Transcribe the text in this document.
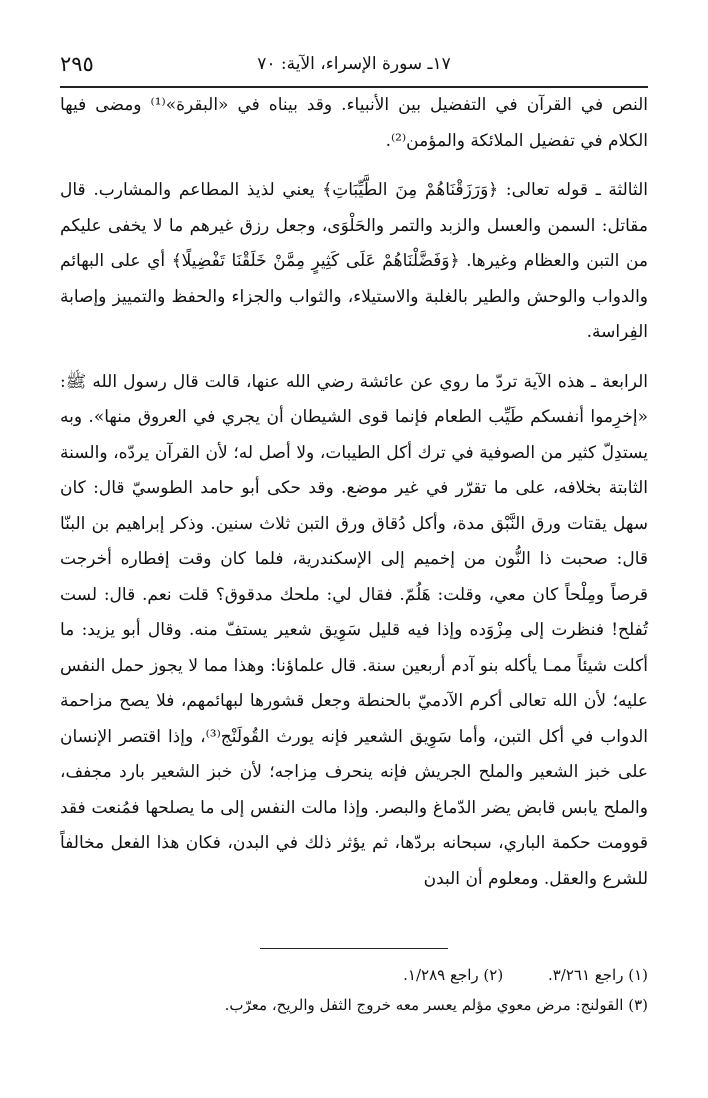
١٧ـ سورة الإسراء، الآية: ٧٠
٢٩٥

النص في القرآن في التفضيل بين الأنبياء. وقد بيناه في «البقرة»⁽¹⁾ ومضى فيها الكلام في تفضيل الملائكة والمؤمن⁽²⁾.

الثالثة ـ قوله تعالى: ﴿وَرَزَقْنَاهُمْ مِنَ الطَّيِّبَاتِ﴾ يعني لذيذ المطاعم والمشارب. قال مقاتل: السمن والعسل والزبد والتمر والحَلْوَى، وجعل رزق غيرهم ما لا يخفى عليكم من التبن والعظام وغيرها. ﴿وَفَضَّلْنَاهُمْ عَلَى كَثِيرٍ مِمَّنْ خَلَقْنَا تَفْضِيلًا﴾ أي على البهائم والدواب والوحش والطير بالغلبة والاستيلاء، والثواب والجزاء والحفظ والتمييز وإصابة الفِراسة.

الرابعة ـ هذه الآية تردّ ما روي عن عائشة رضي الله عنها، قالت قال رسول الله ﷺ: «إخرِموا أنفسكم طَيِّب الطعام فإنما قوى الشيطان أن يجري في العروق منها». وبه يستدِلّ كثير من الصوفية في ترك أكل الطيبات، ولا أصل له؛ لأن القرآن يردّه، والسنة الثابتة بخلافه، على ما تقرّر في غير موضع. وقد حكى أبو حامد الطوسيّ قال: كان سهل يقتات ورق النَّبْق مدة، وأكل دُقاق ورق التبن ثلاث سنين. وذكر إبراهيم بن البنّا قال: صحبت ذا النُّون من إخميم إلى الإسكندرية، فلما كان وقت إفطاره أخرجت قرصاً ومِلْحاً كان معي، وقلت: هَلُمّ. فقال لي: ملحك مدقوق؟ قلت نعم. قال: لست تُفلح! فنظرت إلى مِزْوَده وإذا فيه قليل سَوِيق شعير يستفّ منه. وقال أبو يزيد: ما أكلت شيئاً ممـا يأكله بنو آدم أربعين سنة. قال علماؤنا: وهذا مما لا يجوز حمل النفس عليه؛ لأن الله تعالى أكرم الآدميّ بالحنطة وجعل قشورها لبهائمهم، فلا يصح مزاحمة الدواب في أكل التبن، وأما سَوِيق الشعير فإنه يورث القُولَنْج⁽³⁾، وإذا اقتصر الإنسان على خبز الشعير والملح الجريش فإنه ينحرف مِزاجه؛ لأن خبز الشعير بارد مجفف، والملح يابس قابض يضر الدّماغ والبصر. وإذا مالت النفس إلى ما يصلحها فمُنعت فقد قوومت حكمة الباري، سبحانه بردّها، ثم يؤثر ذلك في البدن، فكان هذا الفعل مخالفاً للشرع والعقل. ومعلوم أن البدن

(١) راجع ٣/٢٦١. (٢) راجع ١/٢٨٩.
(٣) القولنج: مرض معوي مؤلم يعسر معه خروج الثفل والريح، معرّب.
